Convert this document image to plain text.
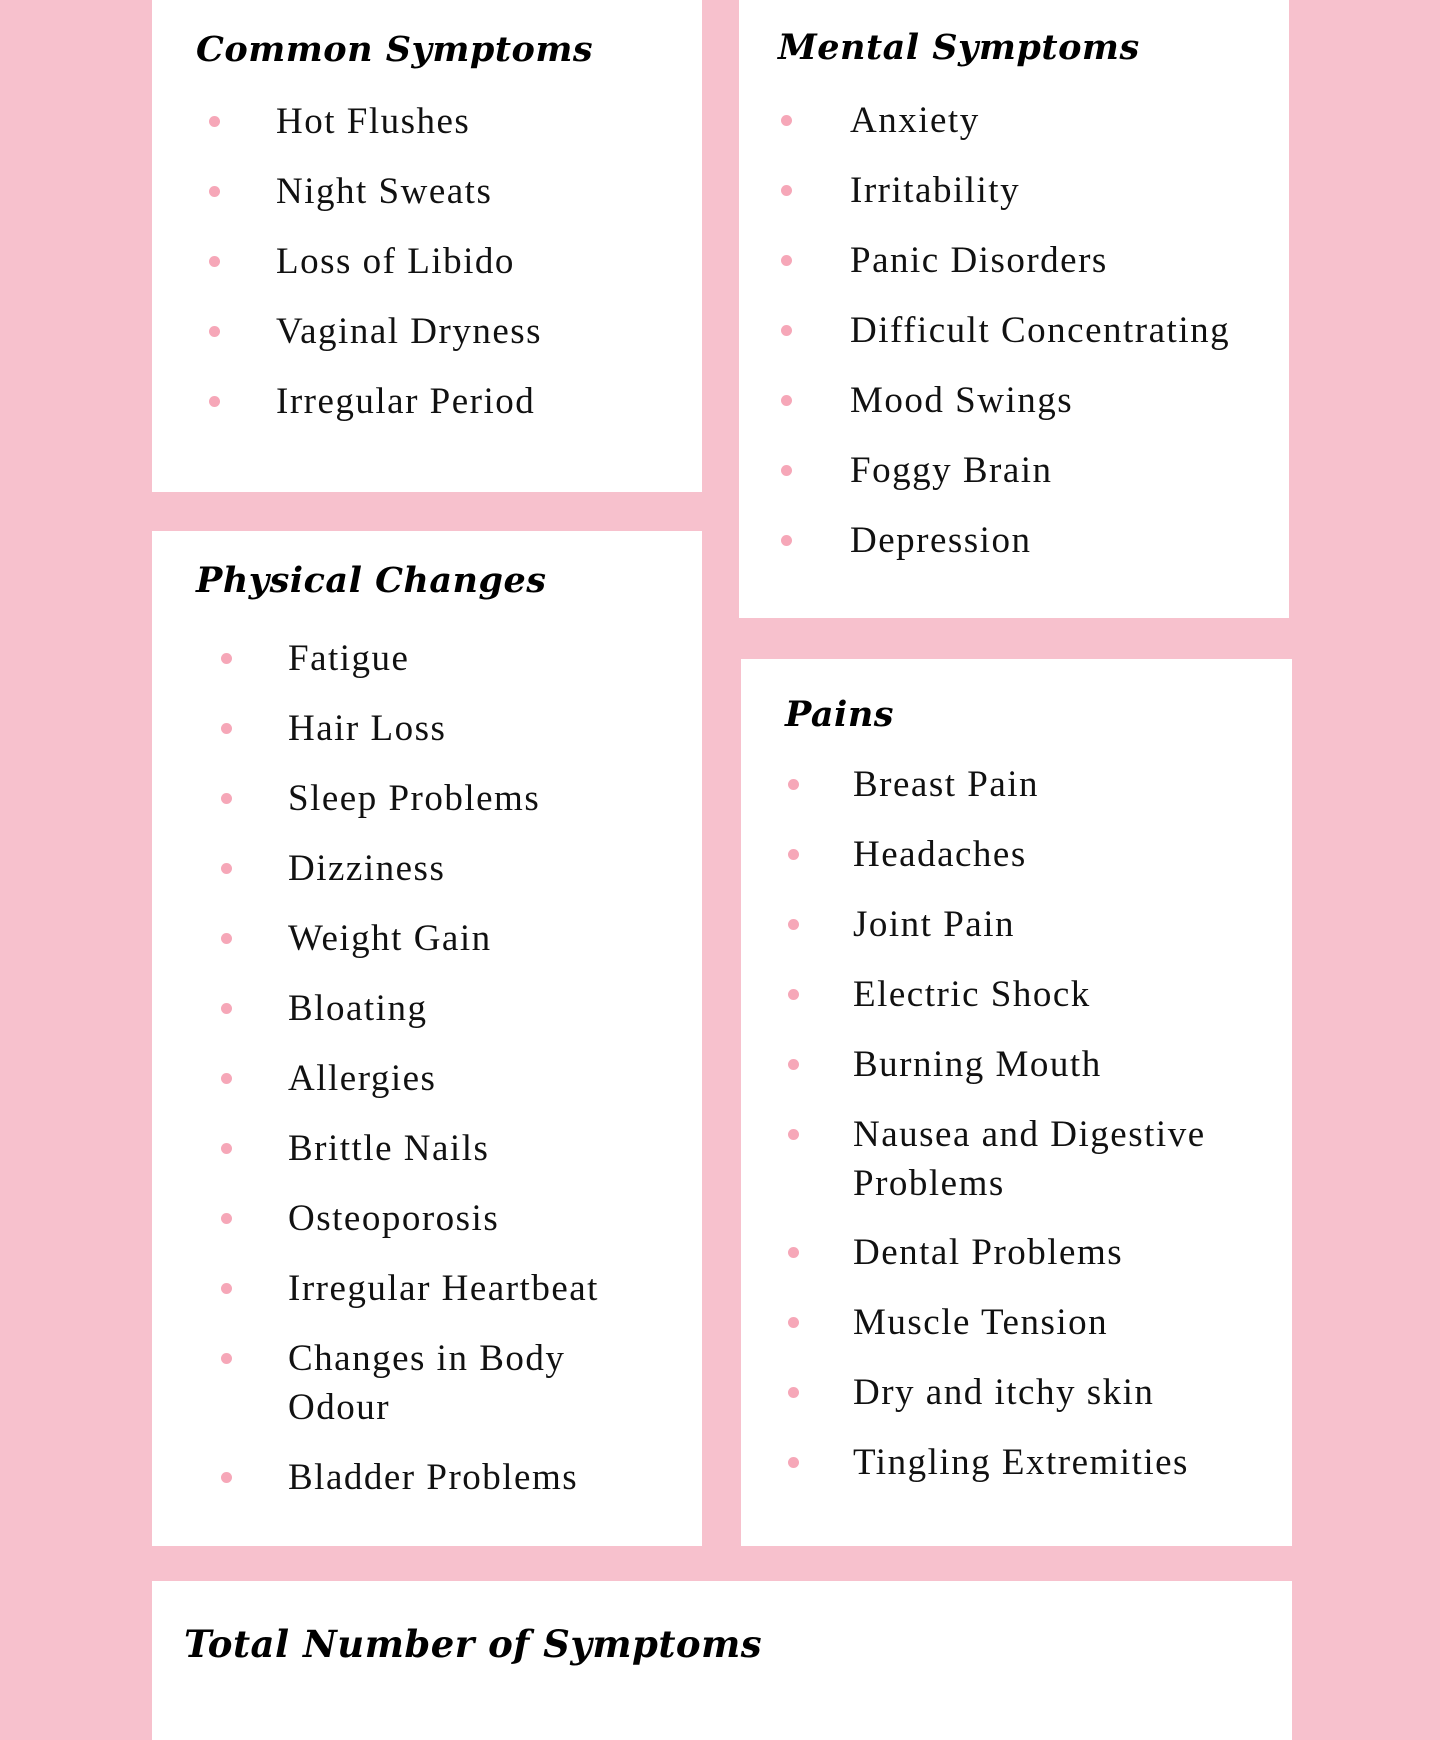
Common Symptoms
Hot Flushes
Night Sweats
Loss of Libido
Vaginal Dryness
Irregular Period
Mental Symptoms
Anxiety
Irritability
Panic Disorders
Difficult Concentrating
Mood Swings
Foggy Brain
Depression
Physical Changes
Fatigue
Hair Loss
Sleep Problems
Dizziness
Weight Gain
Bloating
Allergies
Brittle Nails
Osteoporosis
Irregular Heartbeat
Changes in Body Odour
Bladder Problems
Pains
Breast Pain
Headaches
Joint Pain
Electric Shock
Burning Mouth
Nausea and Digestive Problems
Dental Problems
Muscle Tension
Dry and itchy skin
Tingling Extremities
Total Number of Symptoms
